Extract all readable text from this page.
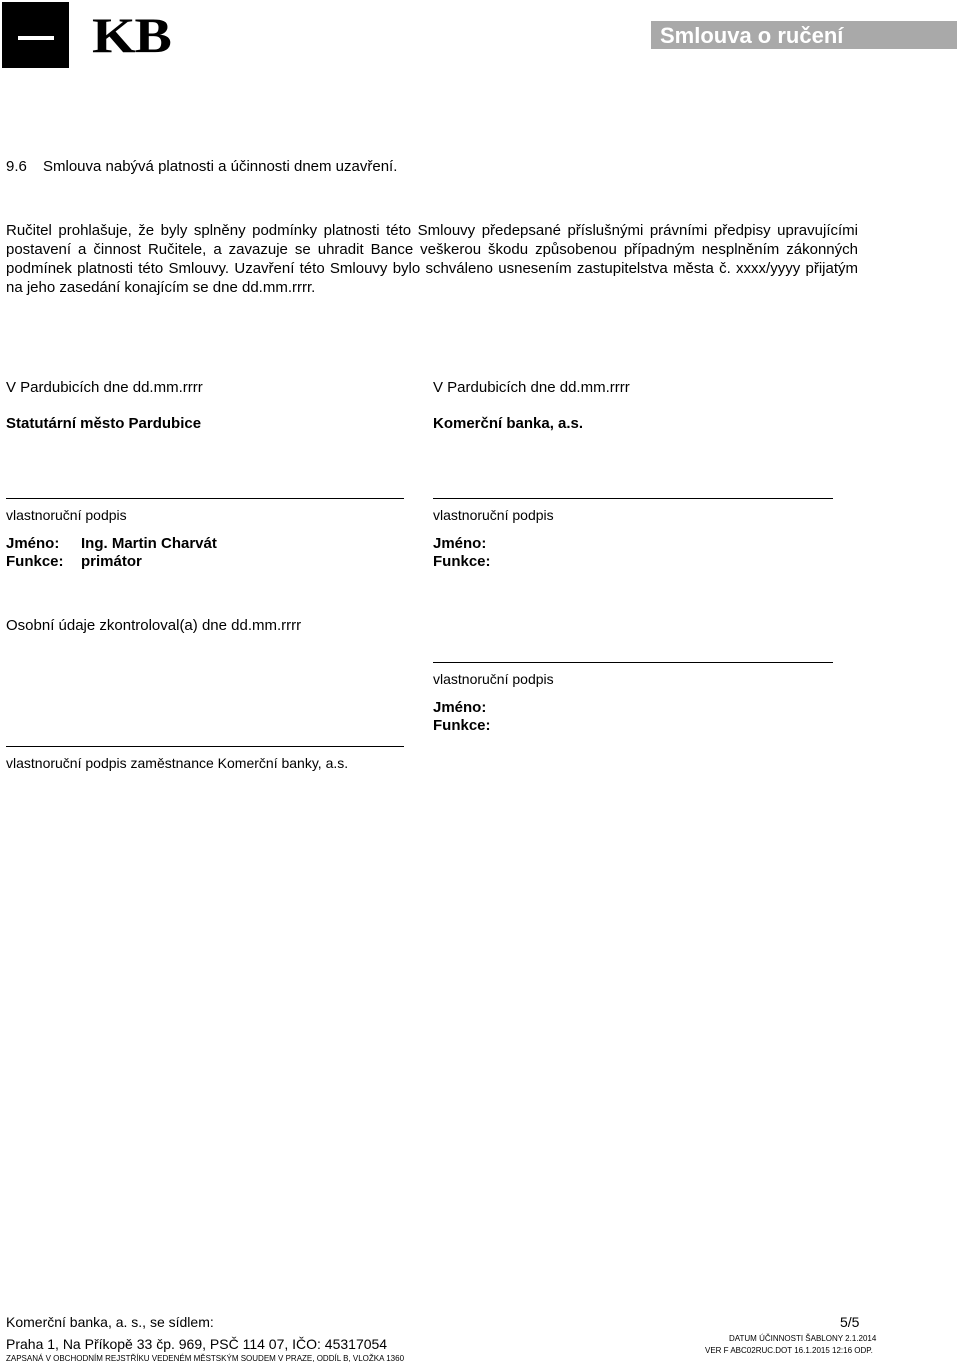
KB	Smlouva o ručení
9.6 Smlouva nabývá platnosti a účinnosti dnem uzavření.
Ručitel prohlašuje, že byly splněny podmínky platnosti této Smlouvy předepsané příslušnými právními předpisy upravujícími postavení a činnost Ručitele, a zavazuje se uhradit Bance veškerou škodu způsobenou případným nesplněním zákonných podmínek platnosti této Smlouvy. Uzavření této Smlouvy bylo schváleno usnesením zastupitelstva města č. xxxx/yyyy přijatým na jeho zasedání konajícím se dne dd.mm.rrrr.
V Pardubicích dne dd.mm.rrrr
Statutární město Pardubice
vlastnoruční podpis
Jméno: Ing. Martin Charvát
Funkce: primátor
V Pardubicích dne dd.mm.rrrr
Komerční banka, a.s.
vlastnoruční podpis
Jméno:
Funkce:
Osobní údaje zkontroloval(a) dne dd.mm.rrrr
vlastnoruční podpis
Jméno:
Funkce:
vlastnoruční podpis zaměstnance Komerční banky, a.s.
Komerční banka, a. s., se sídlem:	5/5
Praha 1, Na Příkopě 33 čp. 969, PSČ 114 07, IČO: 45317054	DATUM ÚČINNOSTI ŠABLONY 2.1.2014
VER F ABC02RUC.DOT 16.1.2015 12:16 ODP.
ZAPSANÁ V OBCHODNÍM REJSTŘÍKU VEDENÉM MĚSTSKÝM SOUDEM V PRAZE, ODDÍL B, VLOŽKA 1360
